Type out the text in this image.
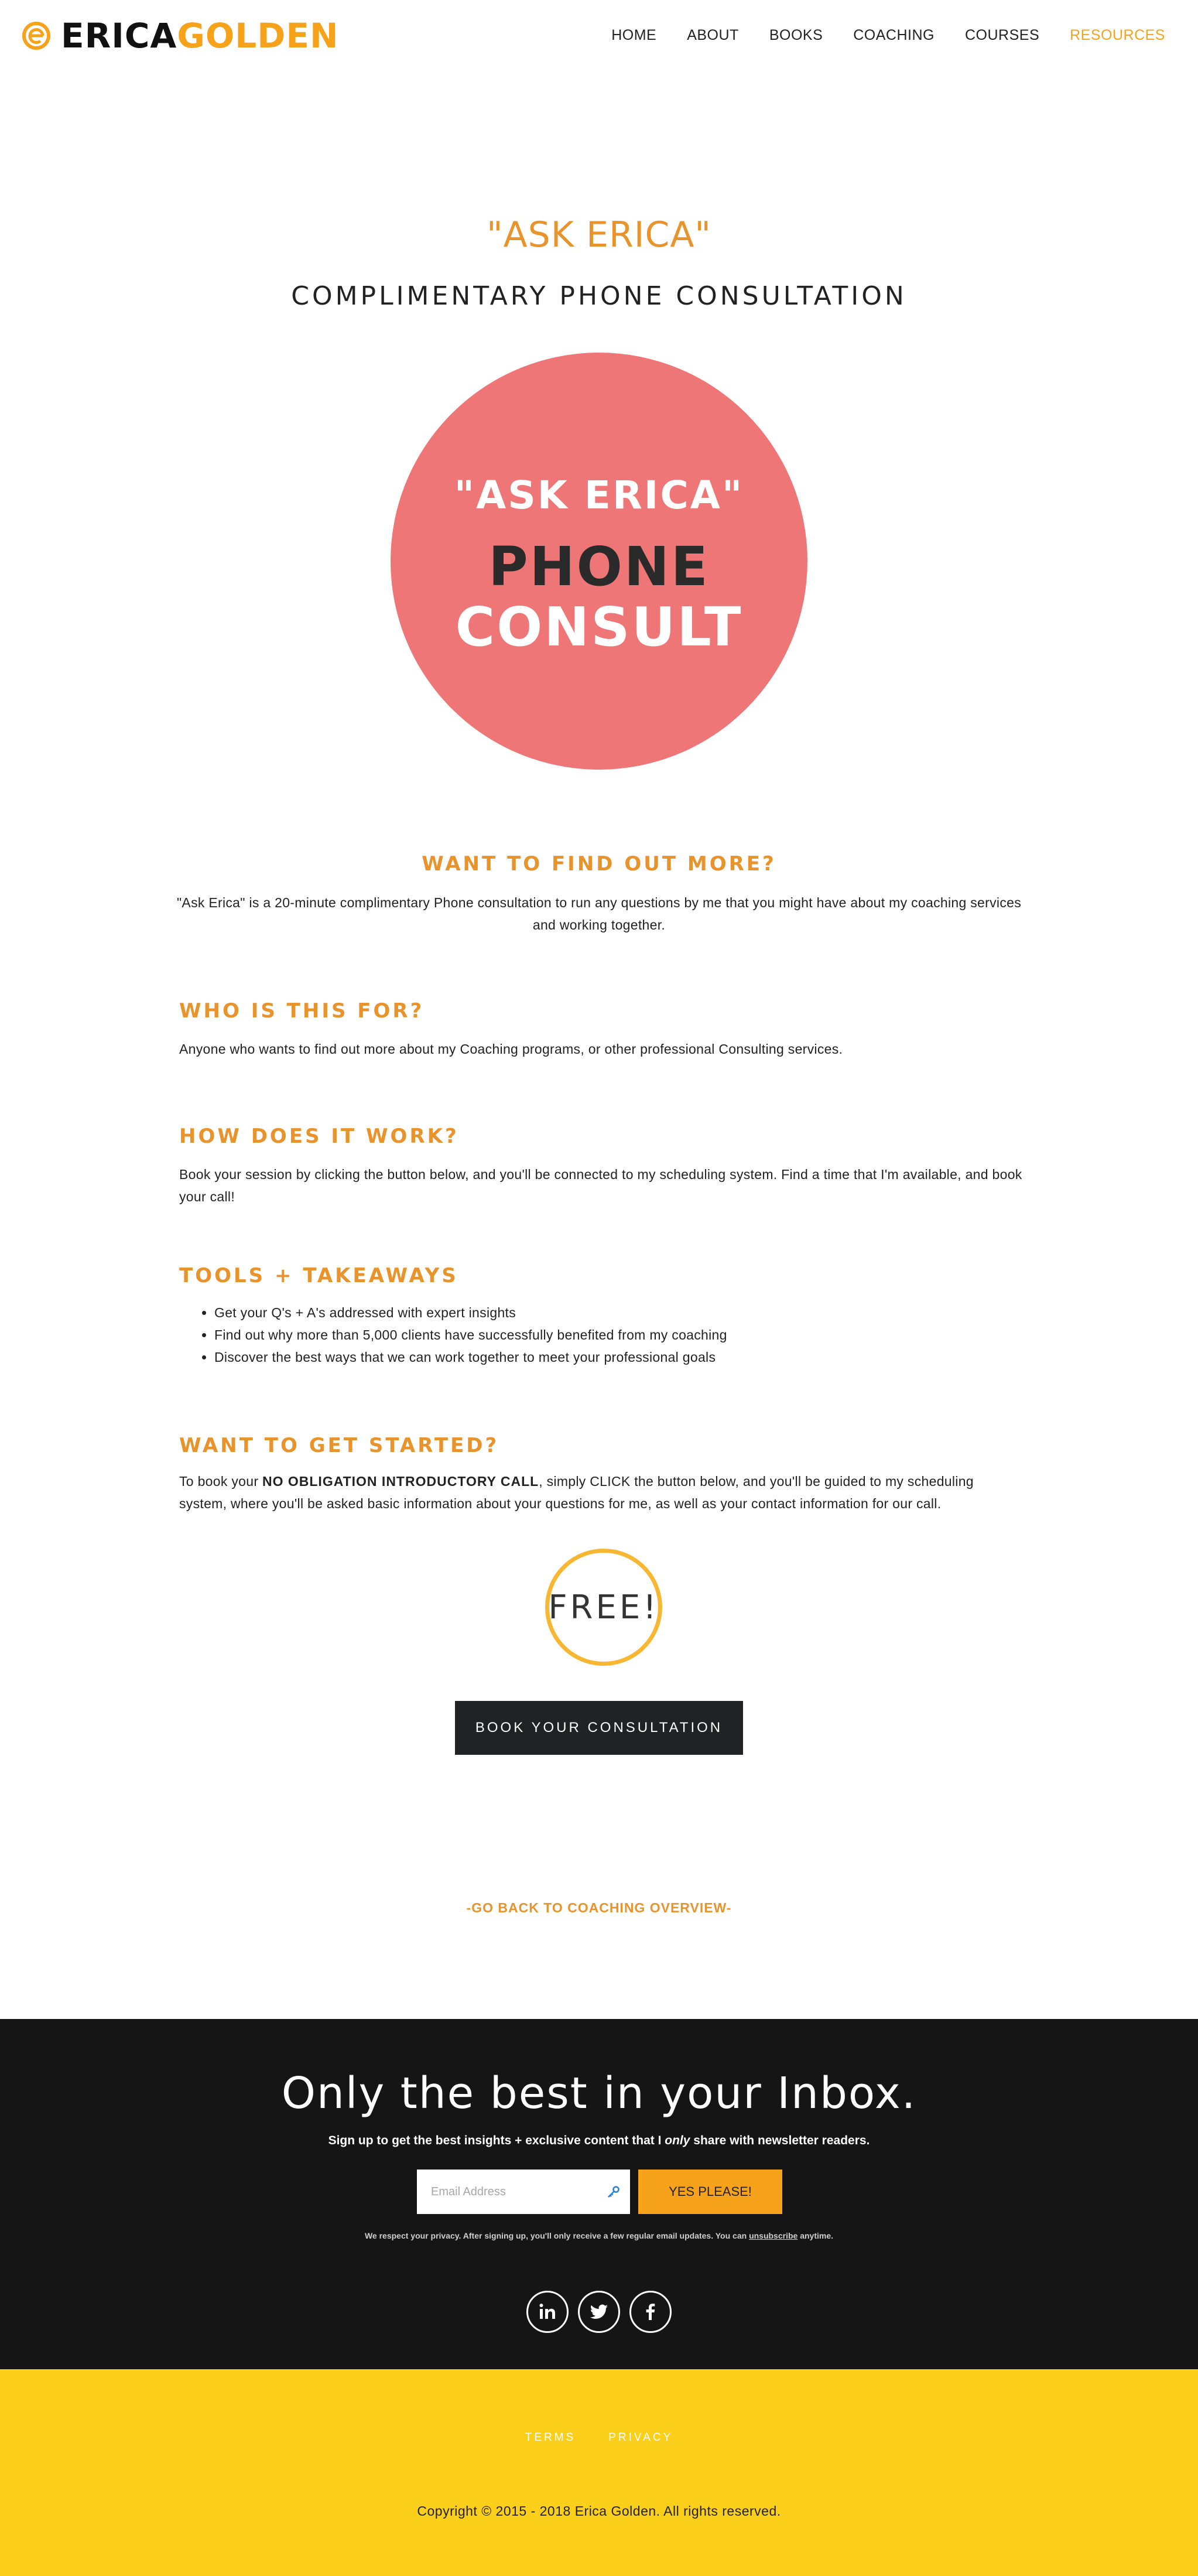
ERICAGOLDEN	HOME	ABOUT	BOOKS	COACHING	COURSES	RESOURCES
"ASK ERICA"
COMPLIMENTARY PHONE CONSULTATION
"ASK ERICA"
PHONE
CONSULT
WANT TO FIND OUT MORE?

"Ask Erica" is a 20-minute complimentary Phone consultation to run any questions by me that you might have about my coaching services and working together.

WHO IS THIS FOR?

Anyone who wants to find out more about my Coaching programs, or other professional Consulting services.

HOW DOES IT WORK?

Book your session by clicking the button below, and you'll be connected to my scheduling system. Find a time that I'm available, and book your call!

TOOLS + TAKEAWAYS
• Get your Q's + A's addressed with expert insights
• Find out why more than 5,000 clients have successfully benefited from my coaching
• Discover the best ways that we can work together to meet your professional goals
WANT TO GET STARTED?

To book your NO OBLIGATION INTRODUCTORY CALL, simply CLICK the button below, and you'll be guided to my scheduling system, where you'll be asked basic information about your questions for me, as well as your contact information for our call.

FREE!
BOOK YOUR CONSULTATION
-GO BACK TO COACHING OVERVIEW-
Only the best in your Inbox.

Sign up to get the best insights + exclusive content that I only share with newsletter readers.

Email Address
YES PLEASE!

We respect your privacy. After signing up, you'll only receive a few regular email updates. You can unsubscribe anytime.

TERMS	PRIVACY

Copyright © 2015 - 2018 Erica Golden. All rights reserved.
